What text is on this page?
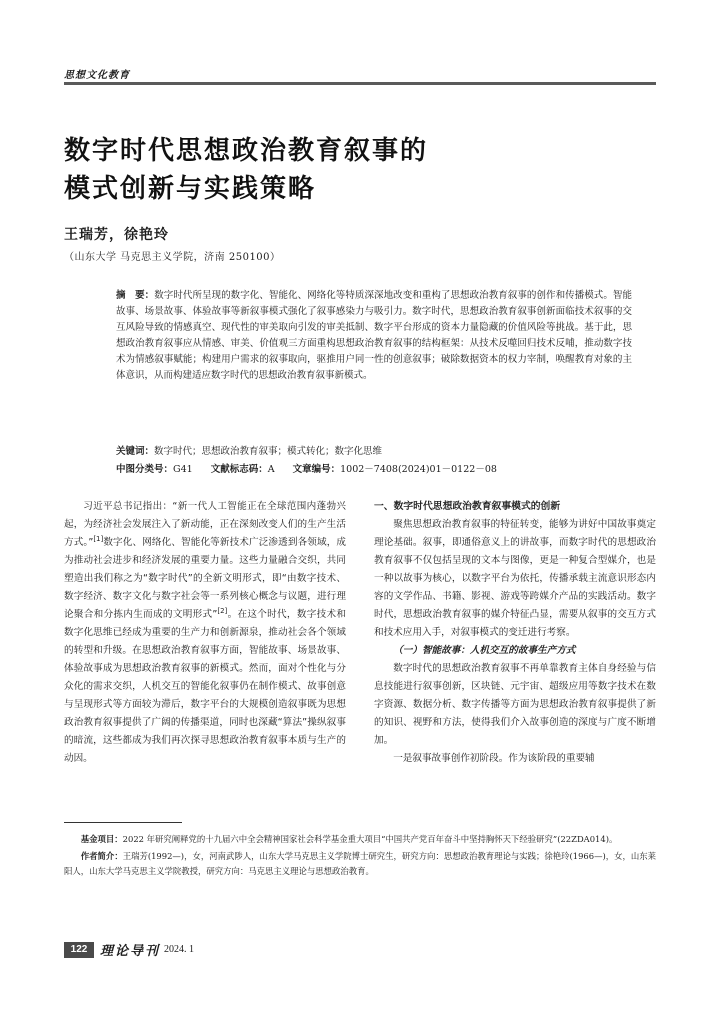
思想文化教育
数字时代思想政治教育叙事的
模式创新与实践策略
王瑞芳，徐艳玲
（山东大学 马克思主义学院，济南 250100）

摘　要：数字时代所呈现的数字化、智能化、网络化等特质深深地改变和重构了思想政治教育叙事的创作和传播模式。智能故事、场景故事、体验故事等新叙事模式强化了叙事感染力与吸引力。数字时代，思想政治教育叙事创新面临技术叙事的交互风险导致的情感真空、现代性的审美取向引发的审美抵制、数字平台形成的资本力量隐藏的价值风险等挑战。基于此，思想政治教育叙事应从情感、审美、价值观三方面重构思想政治教育叙事的结构框架：从技术反噬回归技术反哺，推动数字技术为情感叙事赋能；构建用户需求的叙事取向，驱推用户同一性的创意叙事；破除数据资本的权力宰制，唤醒教育对象的主体意识，从而构建适应数字时代的思想政治教育叙事新模式。

关键词：数字时代；思想政治教育叙事；模式转化；数字化思维
中图分类号：G41 文献标志码：A 文章编号：1002－7408(2024)01－0122－08

习近平总书记指出：“新一代人工智能正在全球范围内蓬勃兴起，为经济社会发展注入了新动能，正在深刻改变人们的生产生活方式。”[1]数字化、网络化、智能化等新技术广泛渗透到各领域，成为推动社会进步和经济发展的重要力量。这些力量融合交织，共同塑造出我们称之为“数字时代”的全新文明形式，即“由数字技术、数字经济、数字文化与数字社会等一系列核心概念与议题，进行理论聚合和分拣内生而成的文明形式”[2]。在这个时代，数字技术和数字化思维已经成为重要的生产力和创新源泉，推动社会各个领域的转型和升级。在思想政治教育叙事方面，智能故事、场景故事、体验故事成为思想政治教育叙事的新模式。然而，面对个性化与分众化的需求交织，人机交互的智能化叙事仍在制作模式、故事创意与呈现形式等方面较为滞后，数字平台的大规模创造叙事既为思想政治教育叙事提供了广阔的传播渠道，同时也深藏“算法”操纵叙事的暗流，这些都成为我们再次探寻思想政治教育叙事本质与生产的动因。

一、数字时代思想政治教育叙事模式的创新

聚焦思想政治教育叙事的特征转变，能够为讲好中国故事奠定理论基础。叙事，即通俗意义上的讲故事，而数字时代的思想政治教育叙事不仅包括呈现的文本与图像，更是一种复合型媒介，也是一种以故事为核心，以数字平台为依托，传播承载主流意识形态内容的文学作品、书籍、影视、游戏等跨媒介产品的实践活动。数字时代，思想政治教育叙事的媒介特征凸显，需要从叙事的交互方式和技术应用入手，对叙事模式的变迁进行考察。

（一）智能故事：人机交互的故事生产方式

数字时代的思想政治教育叙事不再单靠教育主体自身经验与信息技能进行叙事创新，区块链、元宇宙、超级应用等数字技术在数字资源、数据分析、数字传播等方面为思想政治教育叙事提供了新的知识、视野和方法，使得我们介入故事创造的深度与广度不断增加。

一是叙事故事创作初阶段。作为该阶段的重要辅

基金项目：2022 年研究阐释党的十九届六中全会精神国家社会科学基金重大项目“中国共产党百年奋斗中坚持胸怀天下经验研究”(22ZDA014)。

作者简介：王瑞芳(1992—)，女，河南武陟人，山东大学马克思主义学院博士研究生，研究方向：思想政治教育理论与实践；徐艳玲(1966—)，女，山东莱阳人，山东大学马克思主义学院教授，研究方向：马克思主义理论与思想政治教育。

122 理论导刊 2024. 1
